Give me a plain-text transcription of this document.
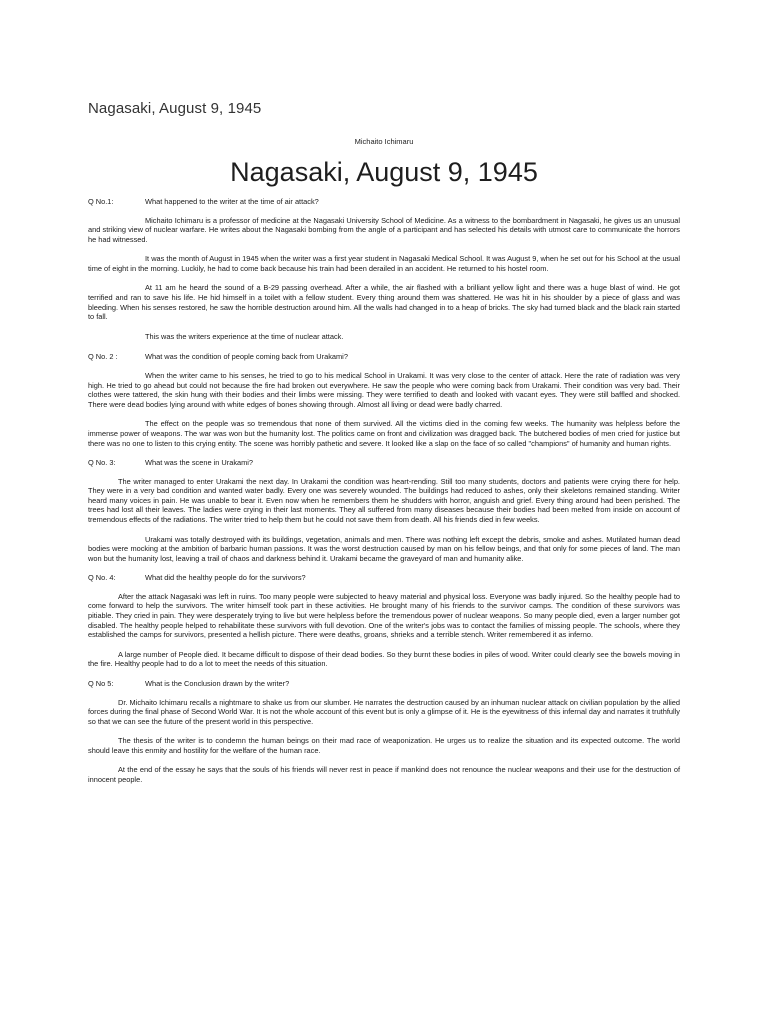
Nagasaki, August 9, 1945
Michaito Ichimaru
Nagasaki, August 9, 1945
Q No.1:	What happened to the writer at the time of air attack?

Michaito Ichimaru is a professor of medicine at the Nagasaki University School of Medicine. As a witness to the bombardment in Nagasaki, he gives us an unusual and striking view of nuclear warfare. He writes about the Nagasaki bombing from the angle of a participant and has selected his details with utmost care to communicate the horrors he had witnessed.

It was the month of August in 1945 when the writer was a first year student in Nagasaki Medical School. It was August 9, when he set out for his School at the usual time of eight in the morning. Luckily, he had to come back because his train had been derailed in an accident. He returned to his hostel room.

At 11 am he heard the sound of a B-29 passing overhead. After a while, the air flashed with a brilliant yellow light and there was a huge blast of wind. He got terrified and ran to save his life. He hid himself in a toilet with a fellow student. Every thing around them was shattered. He was hit in his shoulder by a piece of glass and was bleeding. When his senses restored, he saw the horrible destruction around him. All the walls had changed in to a heap of bricks. The sky had turned black and the black rain started to fall.

This was the writers experience at the time of nuclear attack.

Q No. 2 :	What was the condition of people coming back from Urakami?

When the writer came to his senses, he tried to go to his medical School in Urakami. It was very close to the center of attack. Here the rate of radiation was very high. He tried to go ahead but could not because the fire had broken out everywhere. He saw the people who were coming back from Urakami. Their condition was very bad. Their clothes were tattered, the skin hung with their bodies and their limbs were missing. They were terrified to death and looked with vacant eyes. They were still baffled and shocked. There were dead bodies lying around with white edges of bones showing through. Almost all living or dead were badly charred.

The effect on the people was so tremendous that none of them survived. All the victims died in the coming few weeks. The humanity was helpless before the immense power of weapons. The war was won but the humanity lost. The politics came on front and civilization was dragged back. The butchered bodies of men cried for justice but there was no one to listen to this crying entity. The scene was horribly pathetic and severe. It looked like a slap on the face of so called "champions" of humanity and human rights.

Q No. 3:	What was the scene in Urakami?

The writer managed to enter Urakami the next day. In Urakami the condition was heart-rending. Still too many students, doctors and patients were crying there for help. They were in a very bad condition and wanted water badly. Every one was severely wounded. The buildings had reduced to ashes, only their skeletons remained standing. Writer heard many voices in pain. He was unable to bear it. Even now when he remembers them he shudders with horror, anguish and grief. Every thing around had been perished. The trees had lost all their leaves. The ladies were crying in their last moments. They all suffered from many diseases because their bodies had been melted from inside on account of tremendous effects of the radiations. The writer tried to help them but he could not save them from death. All his friends died in few weeks.

Urakami was totally destroyed with its buildings, vegetation, animals and men. There was nothing left except the debris, smoke and ashes. Mutilated human dead bodies were mocking at the ambition of barbaric human passions. It was the worst destruction caused by man on his fellow beings, and that only for some pieces of land. The man won but the humanity lost, leaving a trail of chaos and darkness behind it. Urakami became the graveyard of man and humanity alike.

Q No. 4:	What did the healthy people do for the survivors?

After the attack Nagasaki was left in ruins. Too many people were subjected to heavy material and physical loss. Everyone was badly injured. So the healthy people had to come forward to help the survivors. The writer himself took part in these activities. He brought many of his friends to the survivor camps. The condition of these survivors was pitiable. They cried in pain. They were desperately trying to live but were helpless before the tremendous power of nuclear weapons. So many people died, even a larger number got disabled. The healthy people helped to rehabilitate these survivors with full devotion. One of the writer's jobs was to contact the families of missing people. The schools, where they established the camps for survivors, presented a hellish picture. There were deaths, groans, shrieks and a terrible stench. Writer remembered it as inferno.

A large number of People died. It became difficult to dispose of their dead bodies. So they burnt these bodies in piles of wood. Writer could clearly see the bowels moving in the fire. Healthy people had to do a lot to meet the needs of this situation.

Q No 5:	What is the Conclusion drawn by the writer?

Dr. Michaito Ichimaru recalls a nightmare to shake us from our slumber. He narrates the destruction caused by an inhuman nuclear attack on civilian population by the allied forces during the final phase of Second World War. It is not the whole account of this event but is only a glimpse of it. He is the eyewitness of this infernal day and narrates it truthfully so that we can see the future of the present world in this perspective.

The thesis of the writer is to condemn the human beings on their mad race of weaponization. He urges us to realize the situation and its expected outcome. The world should leave this enmity and hostility for the welfare of the human race.

At the end of the essay he says that the souls of his friends will never rest in peace if mankind does not renounce the nuclear weapons and their use for the destruction of innocent people.
